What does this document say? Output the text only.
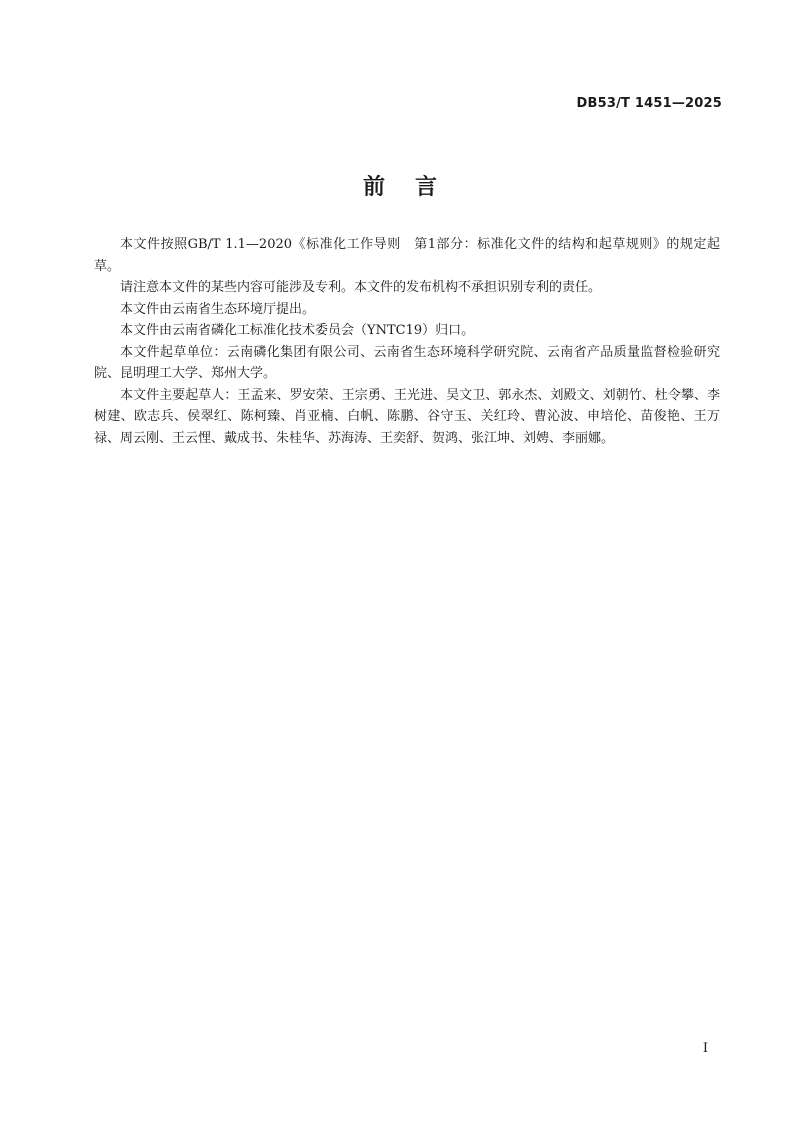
DB53/T 1451—2025
前 言

本文件按照GB/T 1.1—2020《标准化工作导则　第1部分：标准化文件的结构和起草规则》的规定起草。

请注意本文件的某些内容可能涉及专利。本文件的发布机构不承担识别专利的责任。

本文件由云南省生态环境厅提出。

本文件由云南省磷化工标准化技术委员会（YNTC19）归口。

本文件起草单位：云南磷化集团有限公司、云南省生态环境科学研究院、云南省产品质量监督检验研究院、昆明理工大学、郑州大学。

本文件主要起草人：王孟来、罗安荣、王宗勇、王光进、吴文卫、郭永杰、刘殿文、刘朝竹、杜令攀、李树建、欧志兵、侯翠红、陈柯臻、肖亚楠、白帆、陈鹏、谷守玉、关红玲、曹沁波、申培伦、苗俊艳、王万禄、周云刚、王云悝、戴成书、朱桂华、苏海涛、王奕舒、贺鸿、张江坤、刘娉、李丽娜。

I
